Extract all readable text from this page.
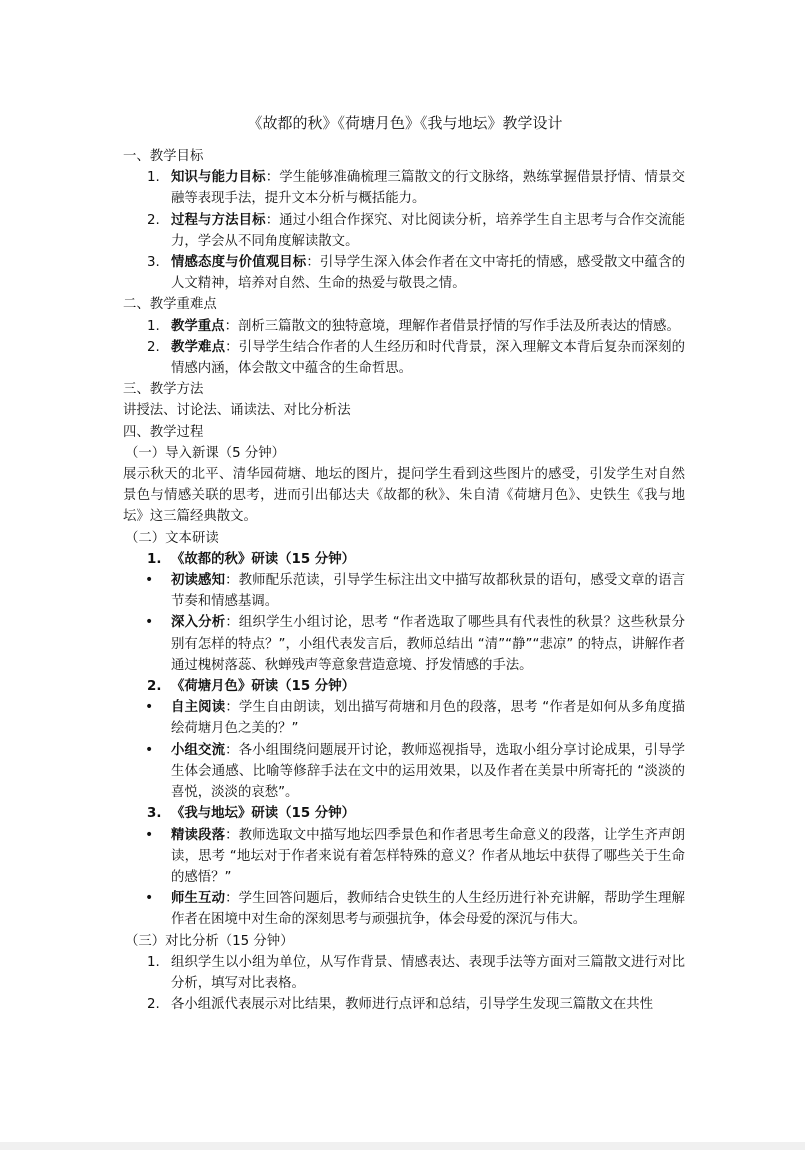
《故都的秋》《荷塘月色》《我与地坛》教学设计
一、教学目标
1. 知识与能力目标：学生能够准确梳理三篇散文的行文脉络，熟练掌握借景抒情、情景交融等表现手法，提升文本分析与概括能力。
2. 过程与方法目标：通过小组合作探究、对比阅读分析，培养学生自主思考与合作交流能力，学会从不同角度解读散文。
3. 情感态度与价值观目标：引导学生深入体会作者在文中寄托的情感，感受散文中蕴含的人文精神，培养对自然、生命的热爱与敬畏之情。
二、教学重难点
1. 教学重点：剖析三篇散文的独特意境，理解作者借景抒情的写作手法及所表达的情感。
2. 教学难点：引导学生结合作者的人生经历和时代背景，深入理解文本背后复杂而深刻的情感内涵，体会散文中蕴含的生命哲思。
三、教学方法
讲授法、讨论法、诵读法、对比分析法
四、教学过程
（一）导入新课（5 分钟）
展示秋天的北平、清华园荷塘、地坛的图片，提问学生看到这些图片的感受，引发学生对自然景色与情感关联的思考，进而引出郁达夫《故都的秋》、朱自清《荷塘月色》、史铁生《我与地坛》这三篇经典散文。
（二）文本研读
1. 《故都的秋》研读（15 分钟）
•	初读感知：教师配乐范读，引导学生标注出文中描写故都秋景的语句，感受文章的语言节奏和情感基调。
•	深入分析：组织学生小组讨论，思考 “作者选取了哪些具有代表性的秋景？这些秋景分别有怎样的特点？”，小组代表发言后，教师总结出 “清”“静”“悲凉” 的特点，讲解作者通过槐树落蕊、秋蝉残声等意象营造意境、抒发情感的手法。
2. 《荷塘月色》研读（15 分钟）
•	自主阅读：学生自由朗读，划出描写荷塘和月色的段落，思考 “作者是如何从多角度描绘荷塘月色之美的？”
•	小组交流：各小组围绕问题展开讨论，教师巡视指导，选取小组分享讨论成果，引导学生体会通感、比喻等修辞手法在文中的运用效果，以及作者在美景中所寄托的 “淡淡的喜悦，淡淡的哀愁”。
3. 《我与地坛》研读（15 分钟）
•	精读段落：教师选取文中描写地坛四季景色和作者思考生命意义的段落，让学生齐声朗读，思考 “地坛对于作者来说有着怎样特殊的意义？作者从地坛中获得了哪些关于生命的感悟？”
•	师生互动：学生回答问题后，教师结合史铁生的人生经历进行补充讲解，帮助学生理解作者在困境中对生命的深刻思考与顽强抗争，体会母爱的深沉与伟大。
（三）对比分析（15 分钟）
1. 组织学生以小组为单位，从写作背景、情感表达、表现手法等方面对三篇散文进行对比分析，填写对比表格。
2. 各小组派代表展示对比结果，教师进行点评和总结，引导学生发现三篇散文在共性
